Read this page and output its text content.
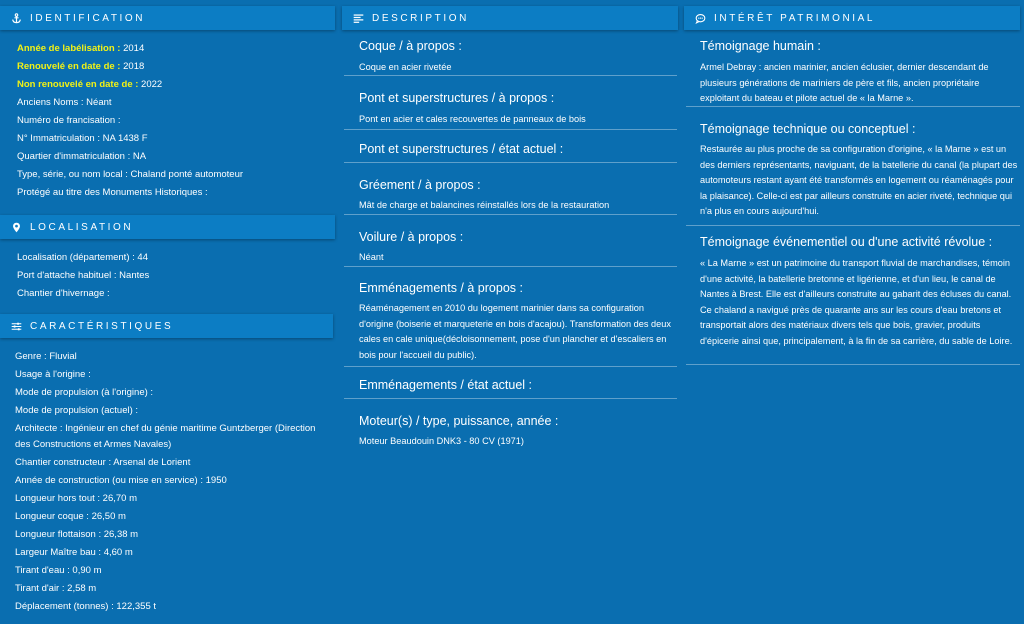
IDENTIFICATION
Année de labélisation : 2014
Renouvelé en date de : 2018
Non renouvelé en date de : 2022
Anciens Noms : Néant
Numéro de francisation :
N° Immatriculation : NA 1438 F
Quartier d'immatriculation : NA
Type, série, ou nom local : Chaland ponté automoteur
Protégé au titre des Monuments Historiques :
LOCALISATION
Localisation (département) : 44
Port d'attache habituel : Nantes
Chantier d'hivernage :
CARACTÉRISTIQUES
Genre : Fluvial
Usage à l'origine :
Mode de propulsion (à l'origine) :
Mode de propulsion (actuel) :
Architecte : Ingénieur en chef du génie maritime Guntzberger (Direction des Constructions et Armes Navales)
Chantier constructeur : Arsenal de Lorient
Année de construction (ou mise en service) : 1950
Longueur hors tout : 26,70 m
Longueur coque : 26,50 m
Longueur flottaison : 26,38 m
Largeur Maître bau : 4,60 m
Tirant d'eau : 0,90 m
Tirant d'air : 2,58 m
Déplacement (tonnes) : 122,355 t
DESCRIPTION
Coque / à propos :
Coque en acier rivetée
Pont et superstructures / à propos :
Pont en acier et cales recouvertes de panneaux de bois
Pont et superstructures / état actuel :
Gréement / à propos :
Mât de charge et balancines réinstallés lors de la restauration
Voilure / à propos :
Néant
Emménagements / à propos :
Réaménagement en 2010 du logement marinier dans sa configuration d'origine (boiserie et marqueterie en bois d'acajou). Transformation des deux cales en cale unique(décloisonnement, pose d'un plancher et d'escaliers en bois pour l'accueil du public).
Emménagements / état actuel :
Moteur(s) / type, puissance, année :
Moteur Beaudouin DNK3 - 80 CV (1971)
INTÉRÊT PATRIMONIAL
Témoignage humain :
Armel Debray : ancien marinier, ancien éclusier, dernier descendant de plusieurs générations de mariniers de père et fils, ancien propriétaire exploitant du bateau et pilote actuel de « la Marne ».
Témoignage technique ou conceptuel :
Restaurée au plus proche de sa configuration d'origine, « la Marne » est un des derniers représentants, naviguant, de la batellerie du canal (la plupart des automoteurs restant ayant été transformés en logement ou réaménagés pour la plaisance). Celle-ci est par ailleurs construite en acier riveté, technique qui n'a plus en cours aujourd'hui.
Témoignage événementiel ou d'une activité révolue :
« La Marne » est un patrimoine du transport fluvial de marchandises, témoin d'une activité, la batellerie bretonne et ligérienne, et d'un lieu, le canal de Nantes à Brest. Elle est d'ailleurs construite au gabarit des écluses du canal. Ce chaland a navigué près de quarante ans sur les cours d'eau bretons et transportait alors des matériaux divers tels que bois, gravier, produits d'épicerie ainsi que, principalement, à la fin de sa carrière, du sable de Loire.
